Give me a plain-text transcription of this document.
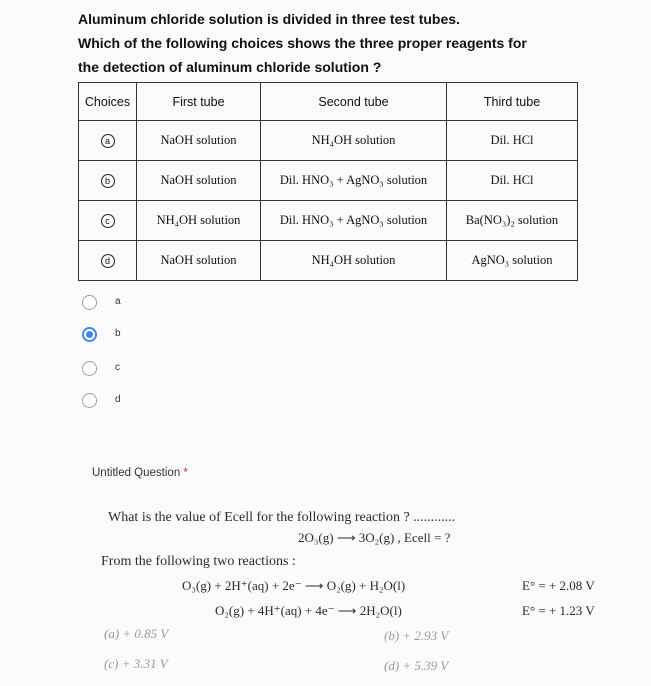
Aluminum chloride solution is divided in three test tubes.
Which of the following choices shows the three proper reagents for
the detection of aluminum chloride solution ?
Choices	First tube	Second tube	Third tube
a	NaOH solution	NH₄OH solution	Dil. HCl
b	NaOH solution	Dil. HNO₃ + AgNO₃ solution	Dil. HCl
c	NH₄OH solution	Dil. HNO₃ + AgNO₃ solution	Ba(NO₃)₂ solution
d	NaOH solution	NH₄OH solution	AgNO₃ solution
a
b
c
d
Untitled Question *
What is the value of Ecell for the following reaction ? ............
2O₃(g) ⟶ 3O₂(g) , Ecell = ?
From the following two reactions :
O₃(g) + 2H⁺(aq) + 2e⁻ ⟶ O₂(g) + H₂O(l)	E° = + 2.08 V
O₂(g) + 4H⁺(aq) + 4e⁻ ⟶ 2H₂O(l)	E° = + 1.23 V
(a) + 0.85 V	(b) + 2.93 V
(c) + 3.31 V	(d) + 5.39 V
